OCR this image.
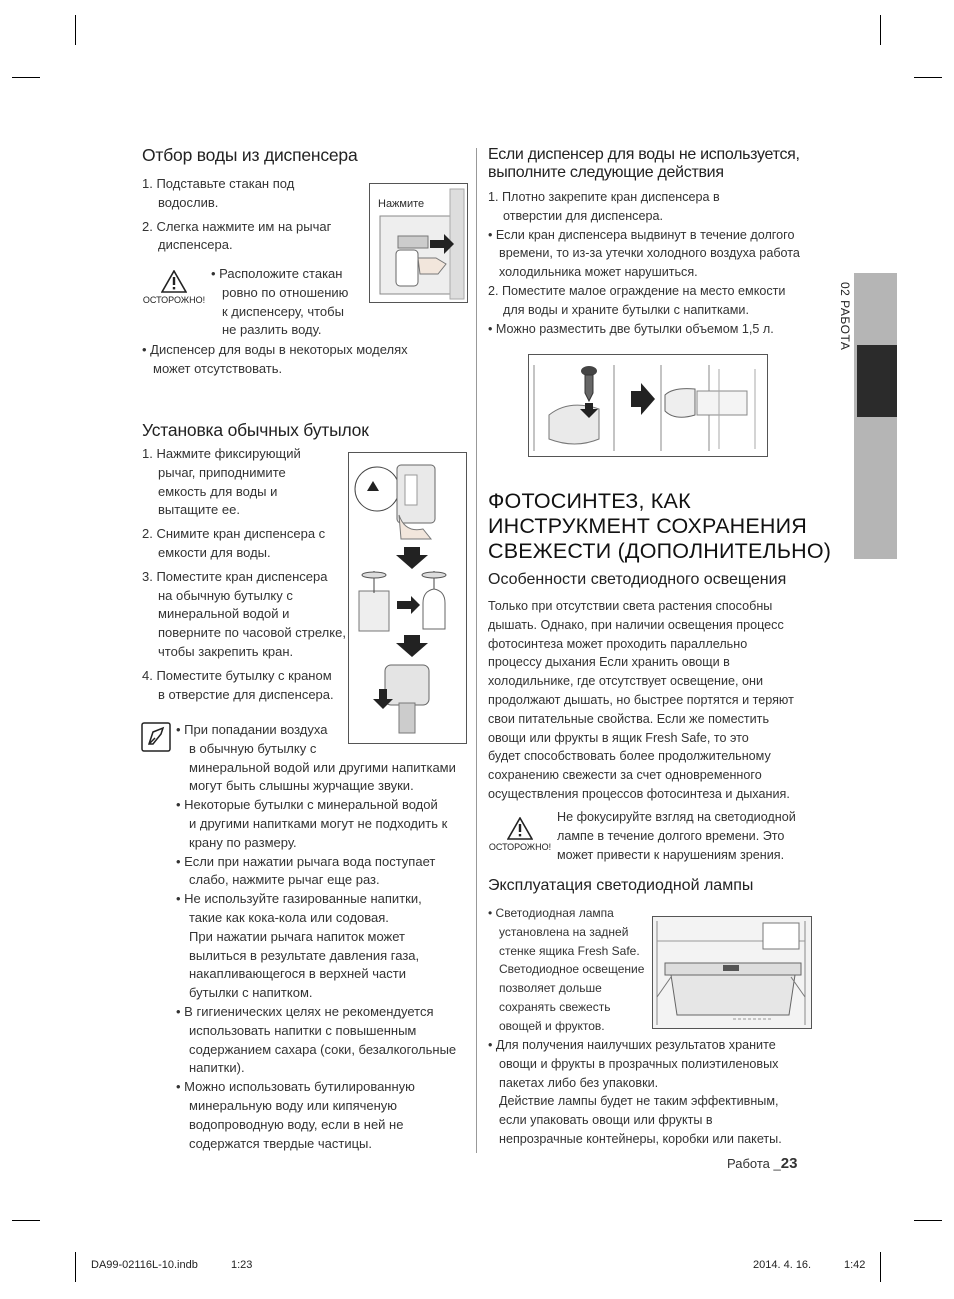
Отбор воды из диспенсера

1. Подставьте стакан под

водослив.

2. Слегка нажмите им на рычаг

диспенсера.

Нажмите
ОСТОРОЖНО!

• Расположите стакан

ровно по отношению

к диспенсеру, чтобы

не разлить воду.

• Диспенсер для воды в некоторых моделях

может отсутствовать.

Установка обычных бутылок

1. Нажмите фиксирующий

рычаг, приподнимите

емкость для воды и

вытащите ее.

2. Снимите кран диспенсера с

емкости для воды.

3. Поместите кран диспенсера

на обычную бутылку с

минеральной водой и

поверните по часовой стрелке,

чтобы закрепить кран.

4. Поместите бутылку с краном

в отверстие для диспенсера.

• При попадании воздуха

в обычную бутылку с

минеральной водой или другими напитками

могут быть слышны журчащие звуки.

• Некоторые бутылки с минеральной водой

и другими напитками могут не подходить к

крану по размеру.

• Если при нажатии рычага вода поступает

слабо, нажмите рычаг еще раз.

• Не используйте газированные напитки,

такие как кока-кола или содовая.

При нажатии рычага напиток может

вылиться в результате давления газа,

накапливающегося в верхней части

бутылки с напитком.

• В гигиенических целях не рекомендуется

использовать напитки с повышенным

содержанием сахара (соки, безалкогольные

напитки).

• Можно использовать бутилированную

минеральную воду или кипяченую

водопроводную воду, если в ней не

содержатся твердые частицы.

Если диспенсер для воды не используется,
выполните следующие действия

1. Плотно закрепите кран диспенсера в

отверстии для диспенсера.

• Если кран диспенсера выдвинут в течение долгого

времени, то из-за утечки холодного воздуха работа

холодильника может нарушиться.

2. Поместите малое ограждение на место емкости

для воды и храните бутылки с напитками.

• Можно разместить две бутылки объемом 1,5 л.

ФОТОСИНТЕЗ, КАК
ИНСТРУКМЕНТ СОХРАНЕНИЯ
СВЕЖЕСТИ (ДОПОЛНИТЕЛЬНО)
Особенности светодиодного освещения

Только при отсутствии света растения способны

дышать. Однако, при наличии освещения процесс

фотосинтеза может проходить параллельно

процессу дыхания Если хранить овощи в

холодильнике, где отсутствует освещение, они

продолжают дышать, но быстрее портятся и теряют

свои питательные свойства. Если же поместить

овощи или фрукты в ящик Fresh Safe, то это

будет способствовать более продолжительному

сохранению свежести за счет одновременного

осуществления процессов фотосинтеза и дыхания.

ОСТОРОЖНО!

Не фокусируйте взгляд на светодиодной

лампе в течение долгого времени. Это

может привести к нарушениям зрения.

Эксплуатация светодиодной лампы

• Светодиодная лампа

установлена на задней

стенке ящика Fresh Safe.

Светодиодное освещение

позволяет дольше

сохранять свежесть

овощей и фруктов.

• Для получения наилучших результатов храните

овощи и фрукты в прозрачных полиэтиленовых

пакетах либо без упаковки.

Действие лампы будет не таким эффективным,

если упаковать овощи или фрукты в

непрозрачные контейнеры, коробки или пакеты.

02 РАБОТА
Работа _23
DA99-02116L-10.indb	1:23	2014. 4. 16.	1:42
